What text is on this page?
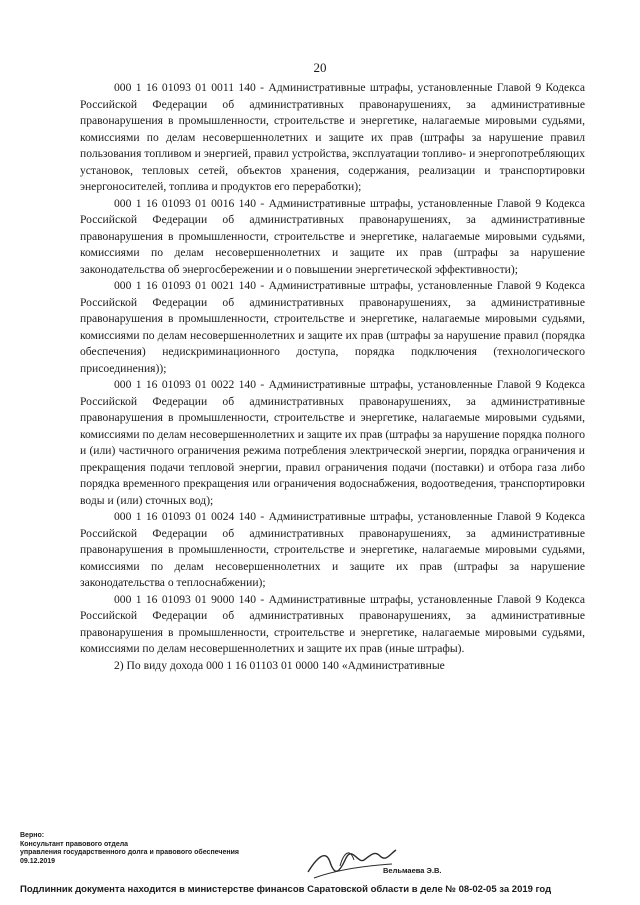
20

000 1 16 01093 01 0011 140 - Административные штрафы, установленные Главой 9 Кодекса Российской Федерации об административных правонарушениях, за административные правонарушения в промышленности, строительстве и энергетике, налагаемые мировыми судьями, комиссиями по делам несовершеннолетних и защите их прав (штрафы за нарушение правил пользования топливом и энергией, правил устройства, эксплуатации топливо- и энергопотребляющих установок, тепловых сетей, объектов хранения, содержания, реализации и транспортировки энергоносителей, топлива и продуктов его переработки);

000 1 16 01093 01 0016 140 - Административные штрафы, установленные Главой 9 Кодекса Российской Федерации об административных правонарушениях, за административные правонарушения в промышленности, строительстве и энергетике, налагаемые мировыми судьями, комиссиями по делам несовершеннолетних и защите их прав (штрафы за нарушение законодательства об энергосбережении и о повышении энергетической эффективности);

000 1 16 01093 01 0021 140 - Административные штрафы, установленные Главой 9 Кодекса Российской Федерации об административных правонарушениях, за административные правонарушения в промышленности, строительстве и энергетике, налагаемые мировыми судьями, комиссиями по делам несовершеннолетних и защите их прав (штрафы за нарушение правил (порядка обеспечения) недискриминационного доступа, порядка подключения (технологического присоединения));

000 1 16 01093 01 0022 140 - Административные штрафы, установленные Главой 9 Кодекса Российской Федерации об административных правонарушениях, за административные правонарушения в промышленности, строительстве и энергетике, налагаемые мировыми судьями, комиссиями по делам несовершеннолетних и защите их прав (штрафы за нарушение порядка полного и (или) частичного ограничения режима потребления электрической энергии, порядка ограничения и прекращения подачи тепловой энергии, правил ограничения подачи (поставки) и отбора газа либо порядка временного прекращения или ограничения водоснабжения, водоотведения, транспортировки воды и (или) сточных вод);

000 1 16 01093 01 0024 140 - Административные штрафы, установленные Главой 9 Кодекса Российской Федерации об административных правонарушениях, за административные правонарушения в промышленности, строительстве и энергетике, налагаемые мировыми судьями, комиссиями по делам несовершеннолетних и защите их прав (штрафы за нарушение законодательства о теплоснабжении);

000 1 16 01093 01 9000 140 - Административные штрафы, установленные Главой 9 Кодекса Российской Федерации об административных правонарушениях, за административные правонарушения в промышленности, строительстве и энергетике, налагаемые мировыми судьями, комиссиями по делам несовершеннолетних и защите их прав (иные штрафы).

2) По виду дохода 000 1 16 01103 01 0000 140 «Административные

Верно:
Консультант правового отдела
управления государственного долга и правового обеспечения
09.12.2019
Вельмаева Э.В.
Подлинник документа находится в министерстве финансов Саратовской области в деле № 08-02-05 за 2019 год
